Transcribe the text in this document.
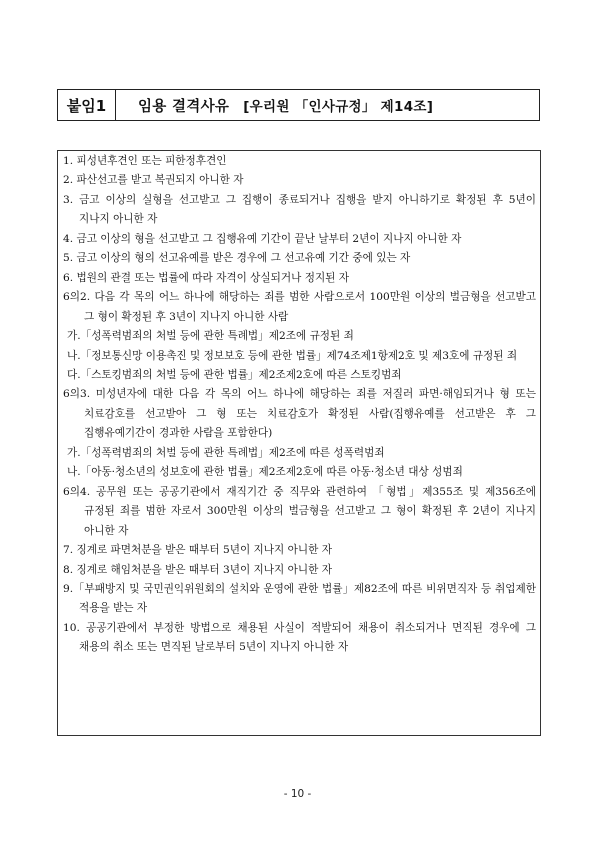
붙임1	임용 결격사유 [우리원 「인사규정」 제14조]
1. 피성년후견인 또는 피한정후견인
2. 파산선고를 받고 복권되지 아니한 자
3. 금고 이상의 실형을 선고받고 그 집행이 종료되거나 집행을 받지 아니하기로 확정된 후 5년이 지나지 아니한 자
4. 금고 이상의 형을 선고받고 그 집행유예 기간이 끝난 날부터 2년이 지나지 아니한 자
5. 금고 이상의 형의 선고유예를 받은 경우에 그 선고유예 기간 중에 있는 자
6. 법원의 관결 또는 법률에 따라 자격이 상실되거나 정지된 자
6의2. 다음 각 목의 어느 하나에 해당하는 죄를 범한 사람으로서 100만원 이상의 벌금형을 선고받고 그 형이 확정된 후 3년이 지나지 아니한 사람
가.「성폭력범죄의 처벌 등에 관한 특례법」제2조에 규정된 죄
나.「정보통신망 이용촉진 및 정보보호 등에 관한 법률」제74조제1항제2호 및 제3호에 규정된 죄
다.「스토킹범죄의 처벌 등에 관한 법률」제2조제2호에 따른 스토킹범죄
6의3. 미성년자에 대한 다음 각 목의 어느 하나에 해당하는 죄를 저질러 파면·해임되거나 형 또는 치료감호를 선고받아 그 형 또는 치료감호가 확정된 사람(집행유예를 선고받은 후 그 집행유예기간이 경과한 사람을 포함한다)
가.「성폭력범죄의 처벌 등에 관한 특례법」제2조에 따른 성폭력범죄
나.「아동·청소년의 성보호에 관한 법률」제2조제2호에 따른 아동·청소년 대상 성범죄
6의4. 공무원 또는 공공기관에서 재직기간 중 직무와 관련하여 「형법」제355조 및 제356조에 규정된 죄를 범한 자로서 300만원 이상의 벌금형을 선고받고 그 형이 확정된 후 2년이 지나지 아니한 자
7. 징계로 파면처분을 받은 때부터 5년이 지나지 아니한 자
8. 징계로 해임처분을 받은 때부터 3년이 지나지 아니한 자
9.「부패방지 및 국민권익위원회의 설치와 운영에 관한 법률」제82조에 따른 비위면직자 등 취업제한 적용을 받는 자
10. 공공기관에서 부정한 방법으로 채용된 사실이 적발되어 채용이 취소되거나 면직된 경우에 그 채용의 취소 또는 면직된 날로부터 5년이 지나지 아니한 자
- 10 -
